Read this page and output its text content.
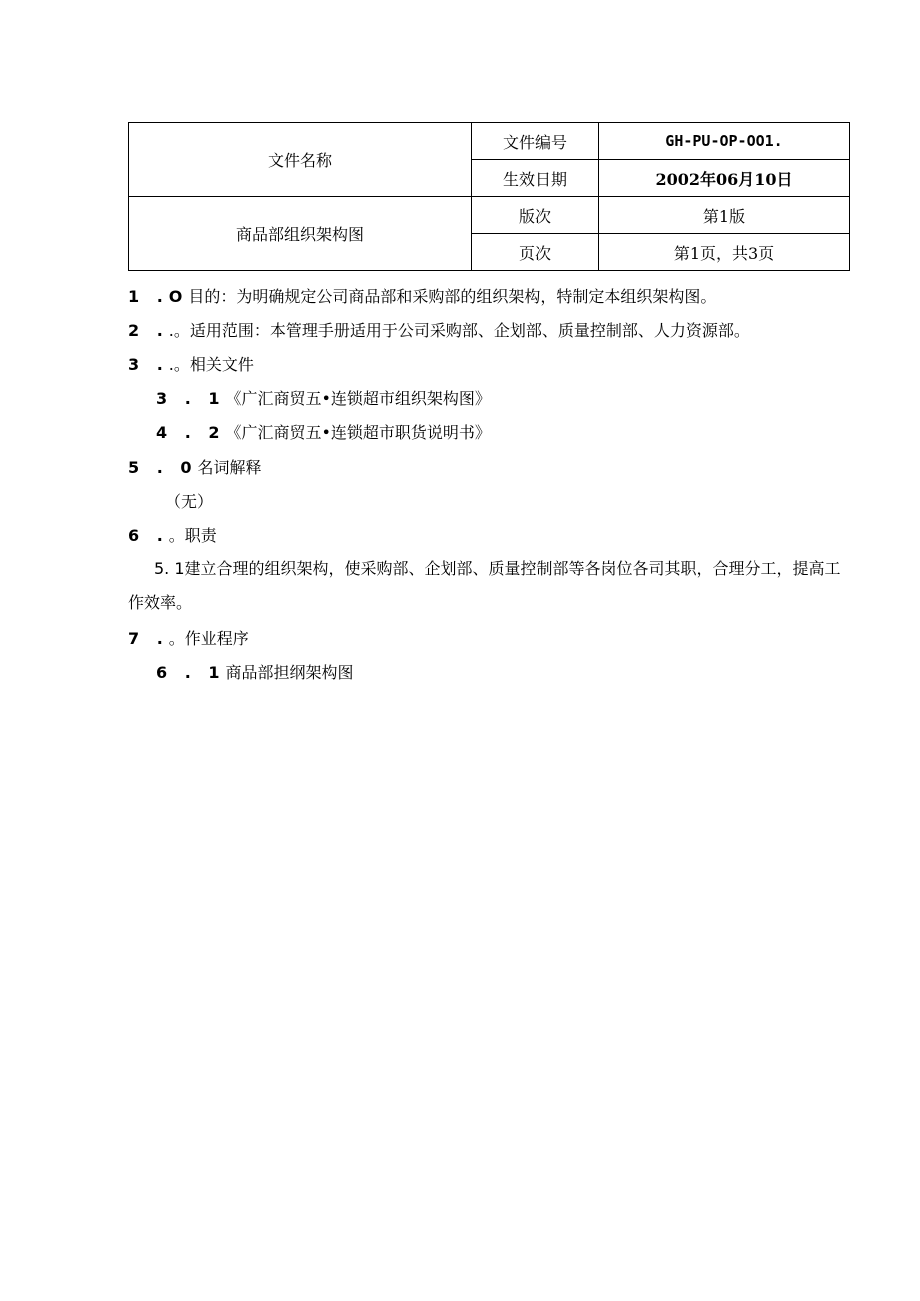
文件名称	文件编号	GH-PU-OP-OO1.
	生效日期	2002年06月10日
商品部组织架构图	版次	第1版
	页次	第1页，共3页
1 .O目的：为明确规定公司商品部和采购部的组织架构，特制定本组织架构图。
2 ..。适用范围：本管理手册适用于公司采购部、企划部、质量控制部、人力资源部。
3 ..。相关文件
3 . 1《广汇商贸五•连锁超市组织架构图》
4 . 2《广汇商贸五•连锁超市职货说明书》
5 . 0名词解释
（无）
6 .。职责
5. 1建立合理的组织架构，使采购部、企划部、质量控制部等各岗位各司其职，合理分工，提高工作效率。
7 .。作业程序
6 . 1商品部担纲架构图
